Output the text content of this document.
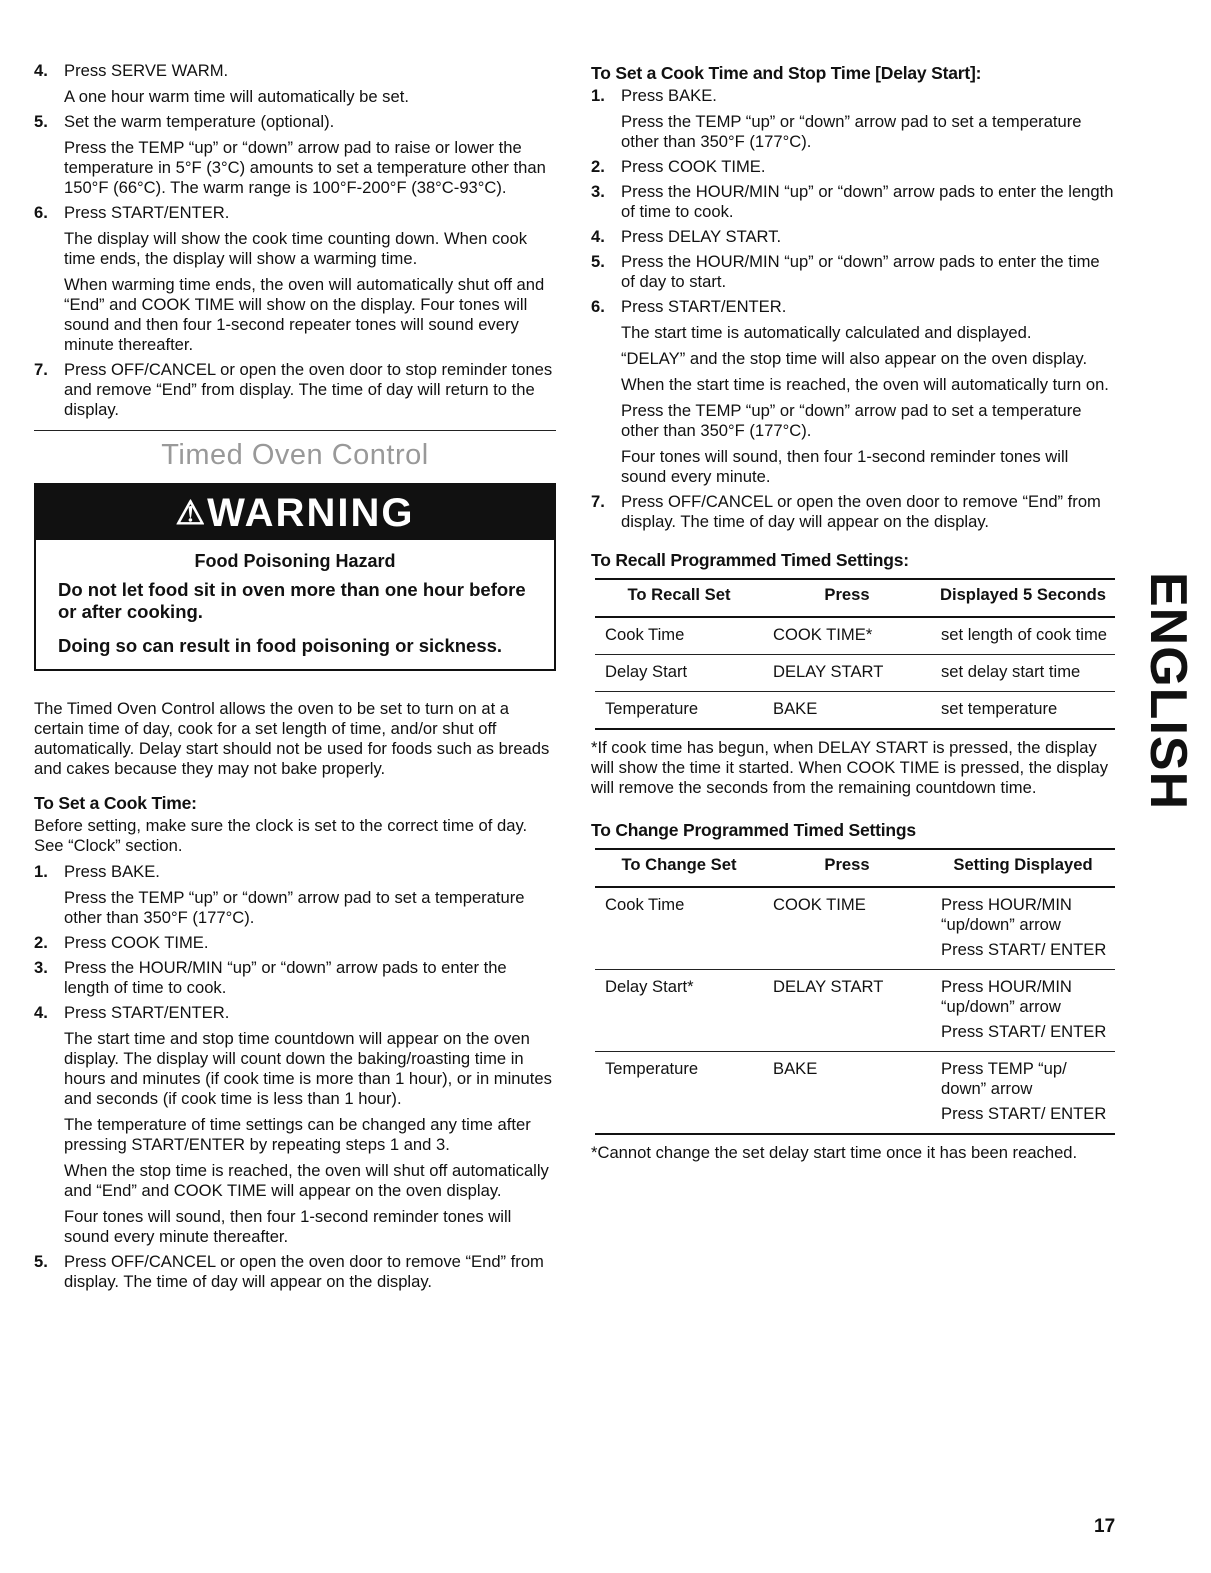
4. Press SERVE WARM.

A one hour warm time will automatically be set.

5. Set the warm temperature (optional).

Press the TEMP “up” or “down” arrow pad to raise or lower the temperature in 5°F (3°C) amounts to set a temperature other than 150°F (66°C). The warm range is 100°F-200°F (38°C-93°C).

6. Press START/ENTER.

The display will show the cook time counting down. When cook time ends, the display will show a warming time.

When warming time ends, the oven will automatically shut off and “End” and COOK TIME will show on the display. Four tones will sound and then four 1-second repeater tones will sound every minute thereafter.

7. Press OFF/CANCEL or open the oven door to stop reminder tones and remove “End” from display. The time of day will return to the display.

Timed Oven Control
⚠WARNING
Food Poisoning Hazard
Do not let food sit in oven more than one hour before or after cooking.
Doing so can result in food poisoning or sickness.

The Timed Oven Control allows the oven to be set to turn on at a certain time of day, cook for a set length of time, and/or shut off automatically. Delay start should not be used for foods such as breads and cakes because they may not bake properly.

To Set a Cook Time:

Before setting, make sure the clock is set to the correct time of day. See “Clock” section.

1. Press BAKE.

Press the TEMP “up” or “down” arrow pad to set a temperature other than 350°F (177°C).

2. Press COOK TIME.

3. Press the HOUR/MIN “up” or “down” arrow pads to enter the length of time to cook.

4. Press START/ENTER.

The start time and stop time countdown will appear on the oven display. The display will count down the baking/roasting time in hours and minutes (if cook time is more than 1 hour), or in minutes and seconds (if cook time is less than 1 hour).

The temperature of time settings can be changed any time after pressing START/ENTER by repeating steps 1 and 3.

When the stop time is reached, the oven will shut off automatically and “End” and COOK TIME will appear on the oven display.

Four tones will sound, then four 1-second reminder tones will sound every minute thereafter.

5. Press OFF/CANCEL or open the oven door to remove “End” from display. The time of day will appear on the display.

To Set a Cook Time and Stop Time [Delay Start]:
1. Press BAKE.

Press the TEMP “up” or “down” arrow pad to set a temperature other than 350°F (177°C).

2. Press COOK TIME.

3. Press the HOUR/MIN “up” or “down” arrow pads to enter the length of time to cook.

4. Press DELAY START.

5. Press the HOUR/MIN “up” or “down” arrow pads to enter the time of day to start.

6. Press START/ENTER.

The start time is automatically calculated and displayed.

“DELAY” and the stop time will also appear on the oven display.

When the start time is reached, the oven will automatically turn on.

Press the TEMP “up” or “down” arrow pad to set a temperature other than 350°F (177°C).

Four tones will sound, then four 1-second reminder tones will sound every minute.

7. Press OFF/CANCEL or open the oven door to remove “End” from display. The time of day will appear on the display.

To Recall Programmed Timed Settings:
To Recall Set	Press	Displayed 5 Seconds

Cook Time	COOK TIME*	set length of cook time

Delay Start	DELAY START	set delay start time

Temperature	BAKE	set temperature

*If cook time has begun, when DELAY START is pressed, the display will show the time it started. When COOK TIME is pressed, the display will remove the seconds from the remaining countdown time.

To Change Programmed Timed Settings
To Change Set	Press	Setting Displayed

Cook Time	COOK TIME	Press HOUR/MIN “up/down” arrow

Press START/ ENTER

Delay Start*	DELAY START	Press HOUR/MIN “up/down” arrow

Press START/ ENTER

Temperature	BAKE	Press TEMP “up/ down” arrow

Press START/ ENTER

*Cannot change the set delay start time once it has been reached.

ENGLISH
17
